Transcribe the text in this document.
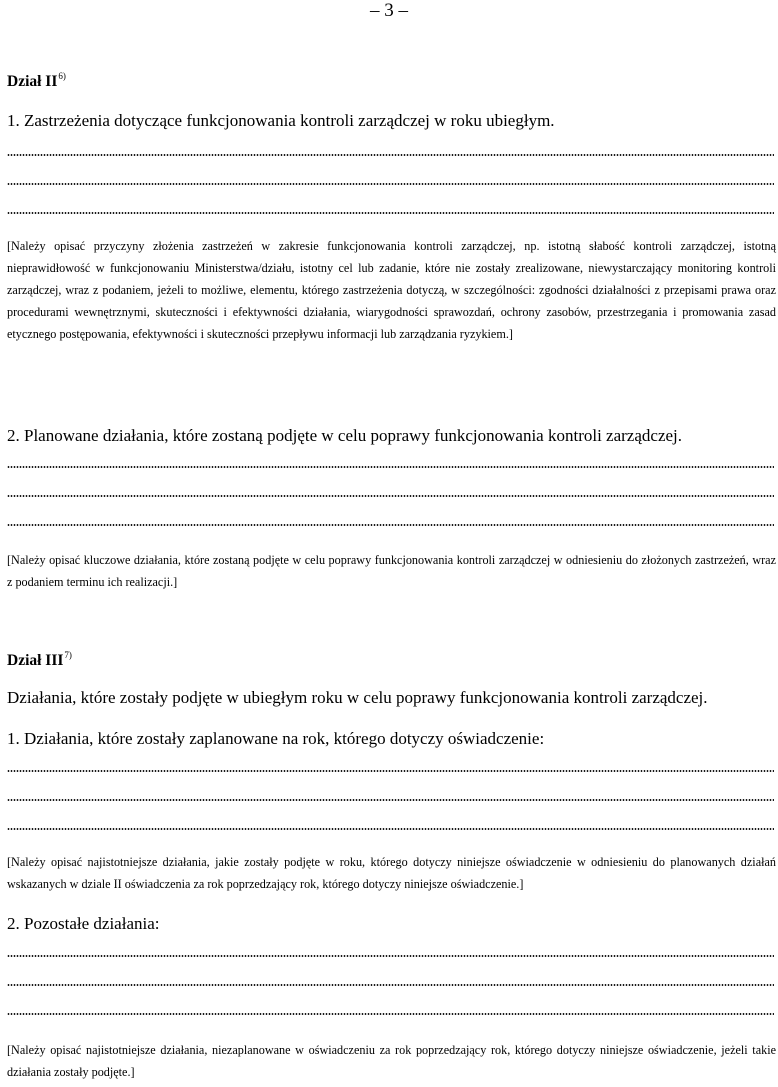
– 3 –
Dział II$^{6)}$
1. Zastrzeżenia dotyczące funkcjonowania kontroli zarządczej w roku ubiegłym.
[Należy opisać przyczyny złożenia zastrzeżeń w zakresie funkcjonowania kontroli zarządczej, np. istotną słabość kontroli zarządczej, istotną nieprawidłowość w funkcjonowaniu Ministerstwa/działu, istotny cel lub zadanie, które nie zostały zrealizowane, niewystarczający monitoring kontroli zarządczej, wraz z podaniem, jeżeli to możliwe, elementu, którego zastrzeżenia dotyczą, w szczególności: zgodności działalności z przepisami prawa oraz procedurami wewnętrznymi, skuteczności i efektywności działania, wiarygodności sprawozdań, ochrony zasobów, przestrzegania i promowania zasad etycznego postępowania, efektywności i skuteczności przepływu informacji lub zarządzania ryzykiem.]
2. Planowane działania, które zostaną podjęte w celu poprawy funkcjonowania kontroli zarządczej.
[Należy opisać kluczowe działania, które zostaną podjęte w celu poprawy funkcjonowania kontroli zarządczej w odniesieniu do złożonych zastrzeżeń, wraz z podaniem terminu ich realizacji.]
Dział III$^{7)}$
Działania, które zostały podjęte w ubiegłym roku w celu poprawy funkcjonowania kontroli zarządczej.
1. Działania, które zostały zaplanowane na rok, którego dotyczy oświadczenie:
[Należy opisać najistotniejsze działania, jakie zostały podjęte w roku, którego dotyczy niniejsze oświadczenie w odniesieniu do planowanych działań wskazanych w dziale II oświadczenia za rok poprzedzający rok, którego dotyczy niniejsze oświadczenie.]
2. Pozostałe działania:
[Należy opisać najistotniejsze działania, niezaplanowane w oświadczeniu za rok poprzedzający rok, którego dotyczy niniejsze oświadczenie, jeżeli takie działania zostały podjęte.]
